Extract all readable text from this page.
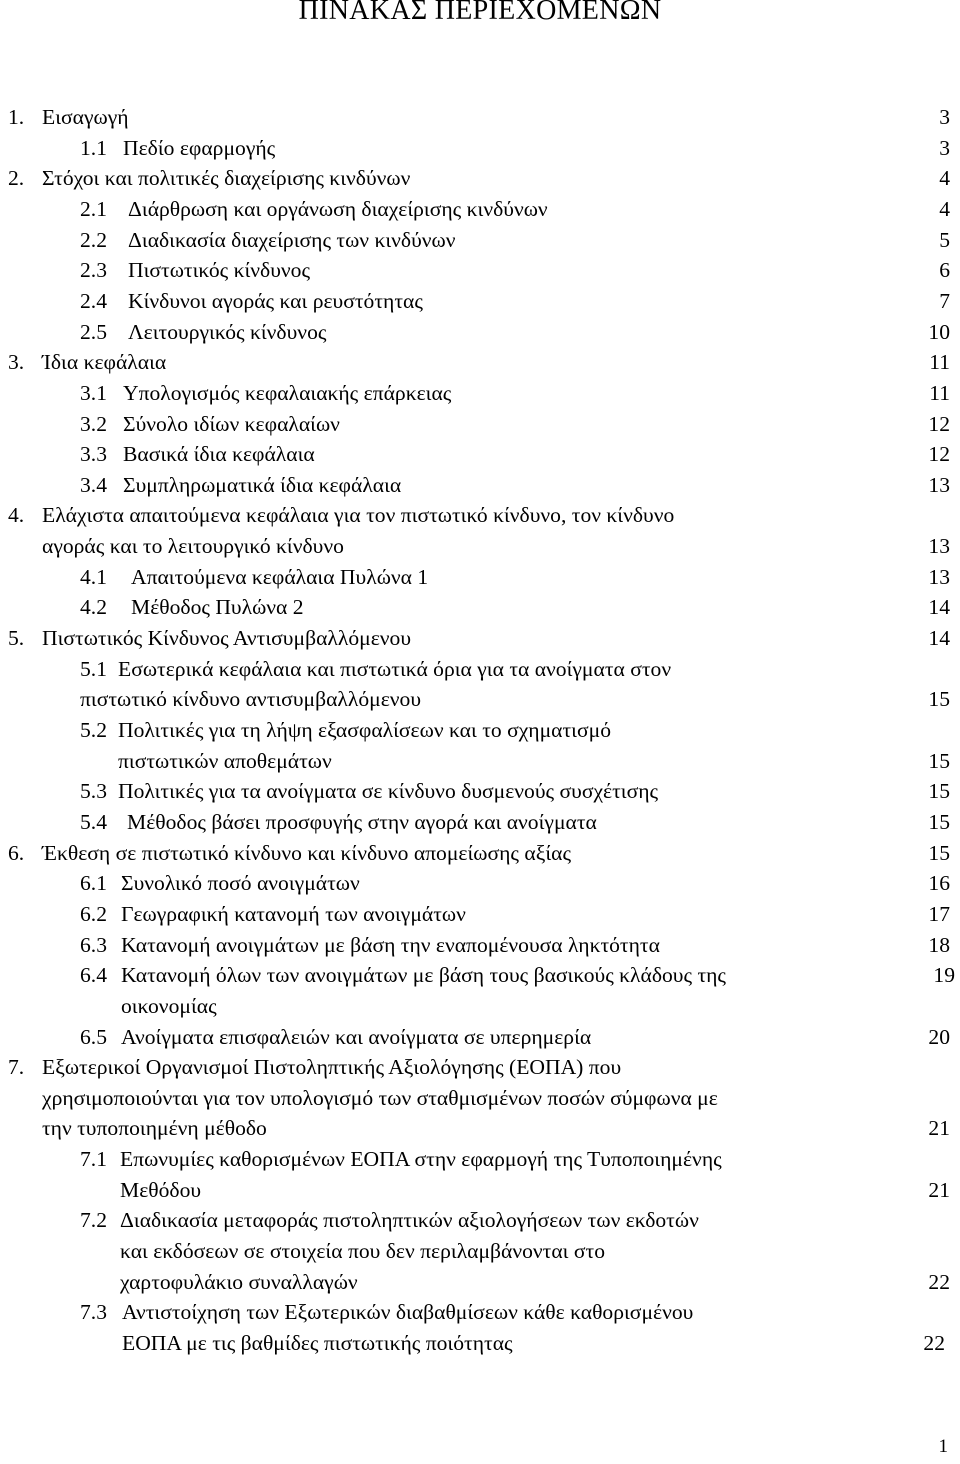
ΠΙΝΑΚΑΣ ΠΕΡΙΕΧΟΜΕΝΩΝ
1. Εισαγωγή	3
1.1 Πεδίο εφαρμογής	3
2. Στόχοι και πολιτικές διαχείρισης κινδύνων	4
2.1 Διάρθρωση και οργάνωση διαχείρισης κινδύνων	4
2.2 Διαδικασία διαχείρισης των κινδύνων	5
2.3 Πιστωτικός κίνδυνος	6
2.4 Κίνδυνοι αγοράς και ρευστότητας	7
2.5 Λειτουργικός κίνδυνος	10
3. Ίδια κεφάλαια	11
3.1 Υπολογισμός κεφαλαιακής επάρκειας	11
3.2 Σύνολο ιδίων κεφαλαίων	12
3.3 Βασικά ίδια κεφάλαια	12
3.4 Συμπληρωματικά ίδια κεφάλαια	13
4. Ελάχιστα απαιτούμενα κεφάλαια για τον πιστωτικό κίνδυνο, τον κίνδυνο
αγοράς και το λειτουργικό κίνδυνο	13
4.1 Απαιτούμενα κεφάλαια Πυλώνα 1	13
4.2 Μέθοδος Πυλώνα 2	14
5. Πιστωτικός Κίνδυνος Αντισυμβαλλόμενου	14
5.1 Εσωτερικά κεφάλαια και πιστωτικά όρια για τα ανοίγματα στον
πιστωτικό κίνδυνο αντισυμβαλλόμενου	15
5.2 Πολιτικές για τη λήψη εξασφαλίσεων και το σχηματισμό
πιστωτικών αποθεμάτων	15
5.3 Πολιτικές για τα ανοίγματα σε κίνδυνο δυσμενούς συσχέτισης	15
5.4 Μέθοδος βάσει προσφυγής στην αγορά και ανοίγματα	15
6. Έκθεση σε πιστωτικό κίνδυνο και κίνδυνο απομείωσης αξίας	15
6.1 Συνολικό ποσό ανοιγμάτων	16
6.2 Γεωγραφική κατανομή των ανοιγμάτων	17
6.3 Κατανομή ανοιγμάτων με βάση την εναπομένουσα ληκτότητα	18
6.4 Κατανομή όλων των ανοιγμάτων με βάση τους βασικούς κλάδους της	19
οικονομίας
6.5 Ανοίγματα επισφαλειών και ανοίγματα σε υπερημερία	20
7. Εξωτερικοί Οργανισμοί Πιστοληπτικής Αξιολόγησης (ΕΟΠΑ) που
χρησιμοποιούνται για τον υπολογισμό των σταθμισμένων ποσών σύμφωνα με
την τυποποιημένη μέθοδο	21
7.1 Επωνυμίες καθορισμένων ΕΟΠΑ στην εφαρμογή της Τυποποιημένης
Μεθόδου	21
7.2 Διαδικασία μεταφοράς πιστοληπτικών αξιολογήσεων των εκδοτών
και εκδόσεων σε στοιχεία που δεν περιλαμβάνονται στο
χαρτοφυλάκιο συναλλαγών	22
7.3 Αντιστοίχηση των Εξωτερικών διαβαθμίσεων κάθε καθορισμένου
ΕΟΠΑ με τις βαθμίδες πιστωτικής ποιότητας	22
1
